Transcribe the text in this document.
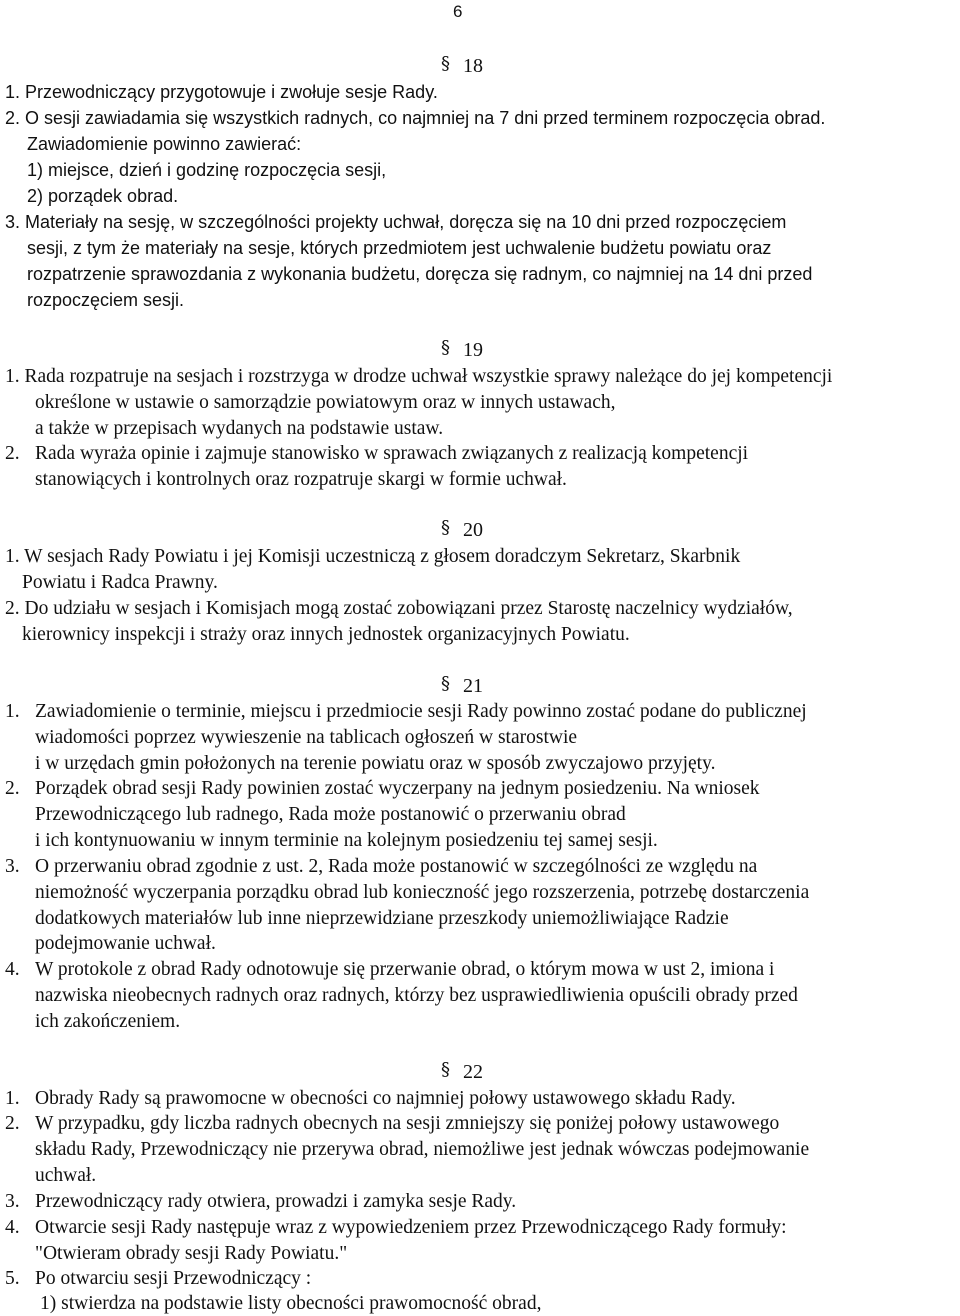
6
§18
1. Przewodniczący przygotowuje i zwołuje sesje Rady.
2. O sesji zawiadamia się wszystkich radnych, co najmniej na 7 dni przed terminem rozpoczęcia obrad.
Zawiadomienie powinno zawierać:
1) miejsce, dzień i godzinę rozpoczęcia sesji,
2) porządek obrad.
3. Materiały na sesję, w szczególności projekty uchwał, doręcza się na 10 dni przed rozpoczęciem
sesji, z tym że materiały na sesje, których przedmiotem jest uchwalenie budżetu powiatu oraz
rozpatrzenie sprawozdania z wykonania budżetu, doręcza się radnym, co najmniej na 14 dni przed
rozpoczęciem sesji.
§19
1. Rada rozpatruje na sesjach i rozstrzyga w drodze uchwał wszystkie sprawy należące do jej kompetencji
określone w ustawie o samorządzie powiatowym oraz w innych ustawach,
a także w przepisach wydanych na podstawie ustaw.
2. Rada wyraża opinie i zajmuje stanowisko w sprawach związanych z realizacją kompetencji
stanowiących i kontrolnych oraz rozpatruje skargi w formie uchwał.
§20
1. W sesjach Rady Powiatu i jej Komisji uczestniczą z głosem doradczym Sekretarz, Skarbnik
Powiatu i Radca Prawny.
2. Do udziału w sesjach i Komisjach mogą zostać zobowiązani przez Starostę naczelnicy wydziałów,
kierownicy inspekcji i straży oraz innych jednostek organizacyjnych Powiatu.
§21
1. Zawiadomienie o terminie, miejscu i przedmiocie sesji Rady powinno zostać podane do publicznej
wiadomości poprzez wywieszenie na tablicach ogłoszeń w starostwie
i w urzędach gmin położonych na terenie powiatu oraz w sposób zwyczajowo przyjęty.
2. Porządek obrad sesji Rady powinien zostać wyczerpany na jednym posiedzeniu. Na wniosek
Przewodniczącego lub radnego, Rada może postanowić o przerwaniu obrad
i ich kontynuowaniu w innym terminie na kolejnym posiedzeniu tej samej sesji.
3. O przerwaniu obrad zgodnie z ust. 2, Rada może postanowić w szczególności ze względu na
niemożność wyczerpania porządku obrad lub konieczność jego rozszerzenia, potrzebę dostarczenia
dodatkowych materiałów lub inne nieprzewidziane przeszkody uniemożliwiające Radzie
podejmowanie uchwał.
4. W protokole z obrad Rady odnotowuje się przerwanie obrad, o którym mowa w ust 2, imiona i
nazwiska nieobecnych radnych oraz radnych, którzy bez usprawiedliwienia opuścili obrady przed
ich zakończeniem.
§22
1. Obrady Rady są prawomocne w obecności co najmniej połowy ustawowego składu Rady.
2. W przypadku, gdy liczba radnych obecnych na sesji zmniejszy się poniżej połowy ustawowego
składu Rady, Przewodniczący nie przerywa obrad, niemożliwe jest jednak wówczas podejmowanie
uchwał.
3. Przewodniczący rady otwiera, prowadzi i zamyka sesje Rady.
4. Otwarcie sesji Rady następuje wraz z wypowiedzeniem przez Przewodniczącego Rady formuły:
"Otwieram obrady sesji Rady Powiatu."
5. Po otwarciu sesji Przewodniczący :
1) stwierdza na podstawie listy obecności prawomocność obrad,
